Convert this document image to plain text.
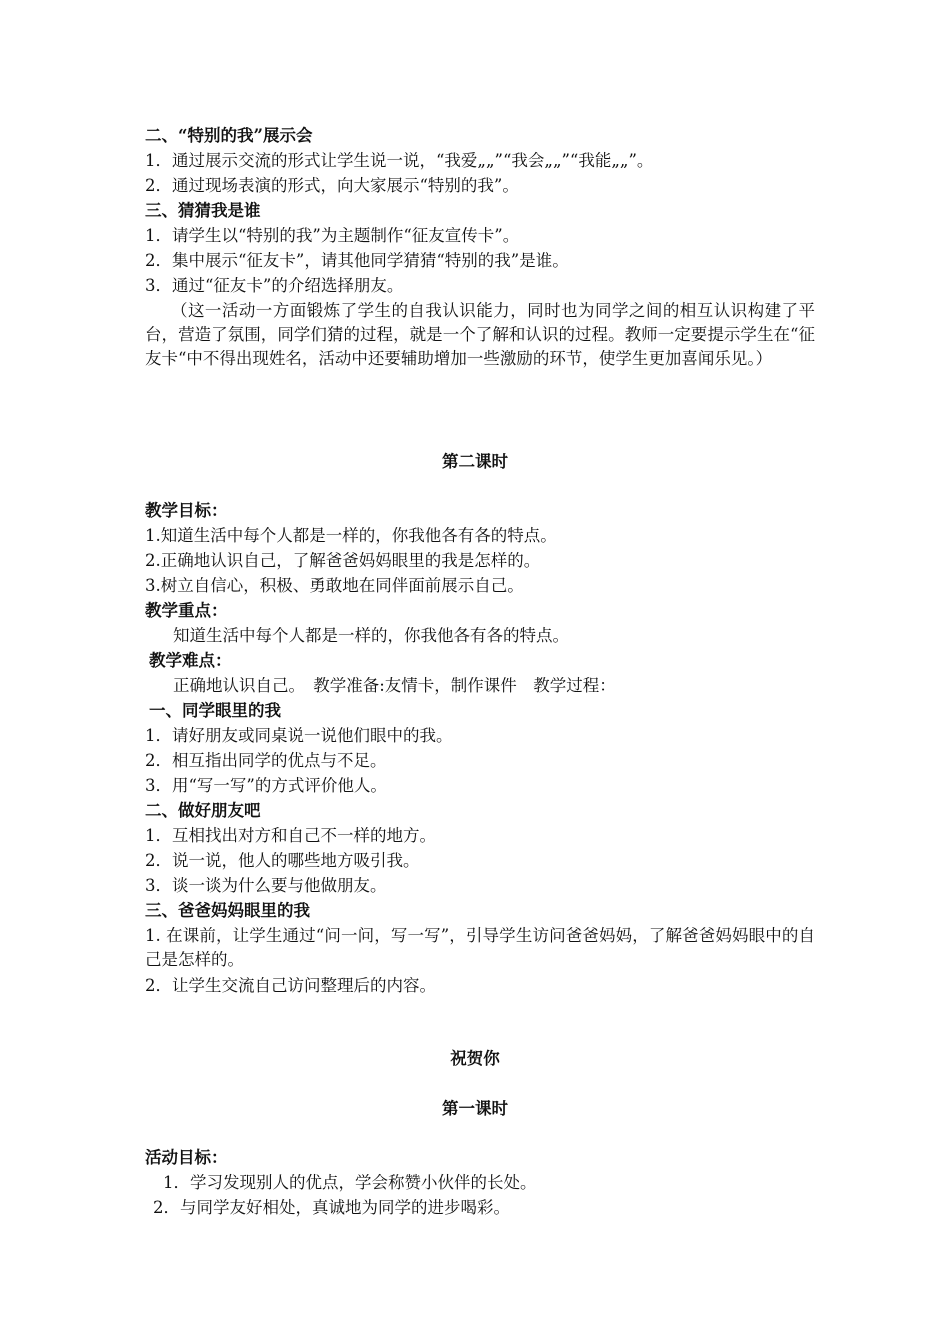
二、“特别的我”展示会
1．通过展示交流的形式让学生说一说，“我爱„„”“我会„„”“我能„„”。
2．通过现场表演的形式，向大家展示“特别的我”。
三、猜猜我是谁
1．请学生以“特别的我”为主题制作“征友宣传卡”。
2．集中展示“征友卡”，请其他同学猜猜“特别的我”是谁。
3．通过“征友卡”的介绍选择朋友。
（这一活动一方面锻炼了学生的自我认识能力，同时也为同学之间的相互认识构建了平台，营造了氛围，同学们猜的过程，就是一个了解和认识的过程。教师一定要提示学生在“征友卡“中不得出现姓名，活动中还要辅助增加一些激励的环节，使学生更加喜闻乐见。）
第二课时
教学目标：
1.知道生活中每个人都是一样的，你我他各有各的特点。
2.正确地认识自己，了解爸爸妈妈眼里的我是怎样的。
3.树立自信心，积极、勇敢地在同伴面前展示自己。
教学重点：
知道生活中每个人都是一样的，你我他各有各的特点。
教学难点：
正确地认识自己。　教学准备:友情卡，制作课件　教学过程：
一、同学眼里的我
1．请好朋友或同桌说一说他们眼中的我。
2．相互指出同学的优点与不足。
3．用“写一写”的方式评价他人。
二、做好朋友吧
1．互相找出对方和自己不一样的地方。
2．说一说，他人的哪些地方吸引我。
3．谈一谈为什么要与他做朋友。
三、爸爸妈妈眼里的我
1. 在课前，让学生通过“问一问，写一写”，引导学生访问爸爸妈妈，了解爸爸妈妈眼中的自己是怎样的。
2．让学生交流自己访问整理后的内容。
祝贺你
第一课时
活动目标：
1．学习发现别人的优点，学会称赞小伙伴的长处。
2．与同学友好相处，真诚地为同学的进步喝彩。
